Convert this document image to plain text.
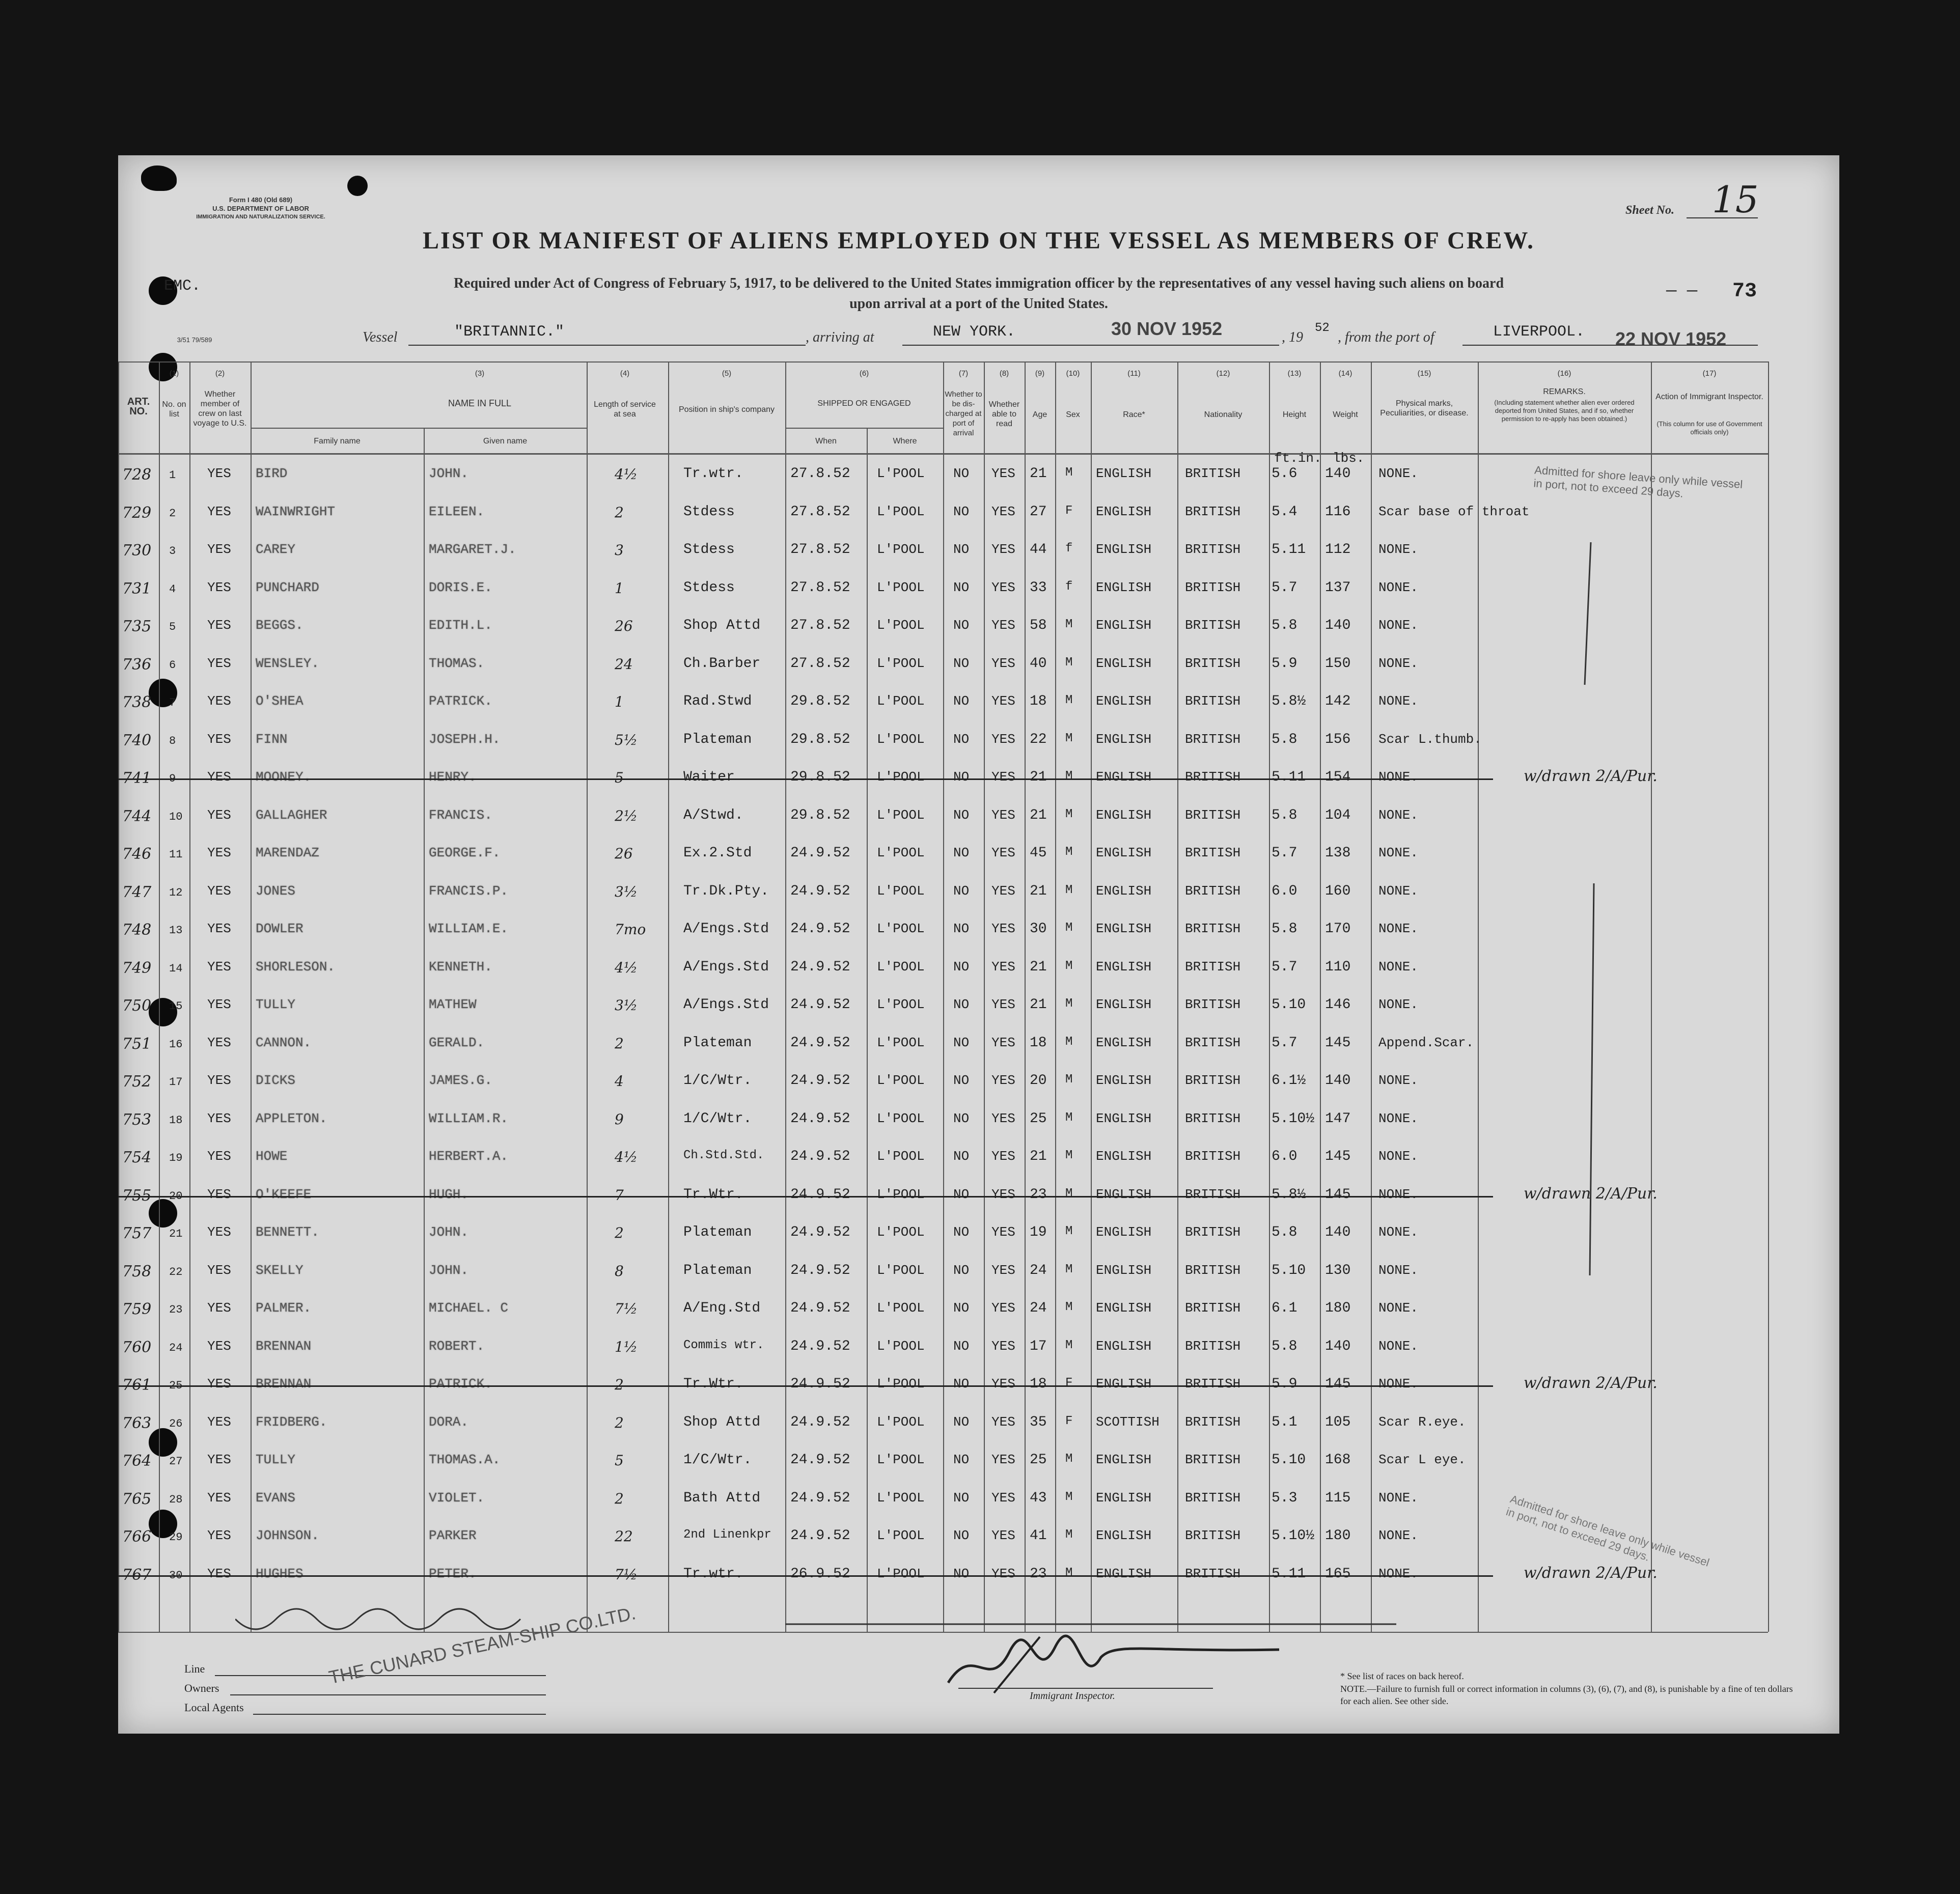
Form I 480 (Old 689)
U.S. DEPARTMENT OF LABOR
IMMIGRATION AND NATURALIZATION SERVICE.
EMC.
3/51 79/589
Sheet No. 15
73
— —
LIST OR MANIFEST OF ALIENS EMPLOYED ON THE VESSEL AS MEMBERS OF CREW.
Required under Act of Congress of February 5, 1917, to be delivered to the United States immigration officer by the representatives of any vessel having such aliens on board
upon arrival at a port of the United States.
Vessel	"BRITANNIC."	, arriving at	NEW YORK.	30 NOV 1952	, 19
52
, from the port of	LIVERPOOL. 22 NOV 1952
ART. NO.
(1)
No. on list
(2)
Whether member of crew on last voyage to U.S.
(3)
NAME IN FULL
Family name	Given name
(4)
Length of service at sea
(5)
Position in ship's company
(6)
SHIPPED OR ENGAGED
When	Where
(7)
Whether to be dis-charged at port of arrival
(8)
Whether able to read
(9)
Age
(10)
Sex
(11)
Race*
(12)
Nationality
(13)
Height
(14)
Weight
ft.in. lbs.
(15)
Physical marks, Peculiarities, or disease.
(16)
REMARKS.
(Including statement whether alien ever ordered deported from United States, and if so, whether permission to re-apply has been obtained.)
(17)
Action of Immigrant Inspector.
(This column for use of Government officials only)
728 1 YES BIRD	JOHN.	4½	Tr.wtr.	27.8.52 L'POOL NO YES 21 M ENGLISH	BRITISH 5.6 140 NONE.
729 2 YES WAINWRIGHT	EILEEN.	2	Stdess	27.8.52 L'POOL NO YES 27 F ENGLISH	BRITISH 5.4 116 Scar base of throat
730 3 YES CAREY	MARGARET.J.	3	Stdess	27.8.52 L'POOL NO YES 44 f ENGLISH	BRITISH 5.11 112 NONE.
731 4 YES PUNCHARD	DORIS.E.	1	Stdess	27.8.52 L'POOL NO YES 33 f ENGLISH	BRITISH 5.7 137 NONE.
735 5 YES BEGGS.	EDITH.L.	26	Shop Attd 27.8.52 L'POOL NO YES 58 M ENGLISH	BRITISH 5.8 140 NONE.
736 6 YES WENSLEY.	THOMAS.	24	Ch.Barber 27.8.52 L'POOL NO YES 40 M ENGLISH	BRITISH 5.9 150 NONE.
738 7 YES O'SHEA	PATRICK.	1	Rad.Stwd	29.8.52 L'POOL NO YES 18 M ENGLISH	BRITISH 5.8½ 142 NONE.
740 8 YES FINN	JOSEPH.H.	5½	Plateman	29.8.52 L'POOL NO YES 22 M ENGLISH	BRITISH 5.8 156 Scar L.thumb.
741 9 YES MOONEY.	HENRY.	5	Waiter	29.8.52 L'POOL NO YES 21 M ENGLISH	BRITISH 5.11 154 NONE.	w/drawn 2/A/Pur.
744 10 YES GALLAGHER	FRANCIS.	2½	A/Stwd.	29.8.52 L'POOL NO YES 21 M ENGLISH	BRITISH 5.8 104 NONE.
746 11 YES MARENDAZ	GEORGE.F.	26	Ex.2.Std	24.9.52 L'POOL NO YES 45 M ENGLISH	BRITISH 5.7 138 NONE.
747 12 YES JONES	FRANCIS.P.	3½	Tr.Dk.Pty. 24.9.52 L'POOL NO YES 21 M ENGLISH	BRITISH 6.0 160 NONE.
748 13 YES DOWLER	WILLIAM.E.	7mo	A/Engs.Std 24.9.52 L'POOL NO YES 30 M ENGLISH	BRITISH 5.8 170 NONE.
749 14 YES SHORLESON.	KENNETH.	4½	A/Engs.Std 24.9.52 L'POOL NO YES 21 M ENGLISH	BRITISH 5.7 110 NONE.
750 15 YES TULLY	MATHEW	3½	A/Engs.Std 24.9.52 L'POOL NO YES 21 M ENGLISH	BRITISH 5.10 146 NONE.
751 16 YES CANNON.	GERALD.	2	Plateman	24.9.52 L'POOL NO YES 18 M ENGLISH	BRITISH 5.7 145 Append.Scar.
752 17 YES DICKS	JAMES.G.	4	1/C/Wtr.	24.9.52 L'POOL NO YES 20 M ENGLISH	BRITISH 6.1½ 140 NONE.
753 18 YES APPLETON.	WILLIAM.R.	9	1/C/Wtr.	24.9.52 L'POOL NO YES 25 M ENGLISH	BRITISH 5.10½ 147 NONE.
754 19 YES HOWE	HERBERT.A.	4½	Ch.Std.Std. 24.9.52 L'POOL NO YES 21 M ENGLISH	BRITISH 6.0 145 NONE.
755 20 YES O'KEEFE	HUGH.	7	Tr.Wtr.	24.9.52 L'POOL NO YES 23 M ENGLISH	BRITISH 5.8½ 145 NONE.	w/drawn 2/A/Pur.
757 21 YES BENNETT.	JOHN.	2	Plateman	24.9.52 L'POOL NO YES 19 M ENGLISH	BRITISH 5.8 140 NONE.
758 22 YES SKELLY	JOHN.	8	Plateman	24.9.52 L'POOL NO YES 24 M ENGLISH	BRITISH 5.10 130 NONE.
759 23 YES PALMER.	MICHAEL. C	7½	A/Eng.Std 24.9.52 L'POOL NO YES 24 M ENGLISH	BRITISH 6.1 180 NONE.
760 24 YES BRENNAN	ROBERT.	1½	Commis wtr. 24.9.52 L'POOL NO YES 17 M ENGLISH	BRITISH 5.8 140 NONE.
761 25 YES BRENNAN	PATRICK.	2	Tr.Wtr.	24.9.52 L'POOL NO YES 18 F ENGLISH	BRITISH 5.9 145 NONE.	w/drawn 2/A/Pur.
763 26 YES FRIDBERG.	DORA.	2	Shop Attd 24.9.52 L'POOL NO YES 35 F SCOTTISH BRITISH 5.1 105 Scar R.eye.
764 27 YES TULLY	THOMAS.A.	5	1/C/Wtr.	24.9.52 L'POOL NO YES 25 M ENGLISH	BRITISH 5.10 168 Scar L eye.
765 28 YES EVANS	VIOLET.	2	Bath Attd 24.9.52 L'POOL NO YES 43 M ENGLISH	BRITISH 5.3 115 NONE.
766 29 YES JOHNSON.	PARKER	22	2nd Linenkpr 24.9.52 L'POOL NO YES 41 M ENGLISH	BRITISH 5.10½ 180 NONE.
767 30 YES HUGHES	PETER.	7½	Tr.wtr.	26.9.52 L'POOL NO YES 23 M ENGLISH	BRITISH 5.11 165 NONE.	w/drawn 2/A/Pur.
Admitted for shore leave only while vessel in port, not to exceed 29 days.
Admitted for shore leave only while vessel in port, not to exceed 29 days.
Line
Owners
Local Agents
THE CUNARD STEAM-SHIP CO.LTD.
Immigrant Inspector.
* See list of races on back hereof.
NOTE.—Failure to furnish full or correct information in columns (3), (6), (7), and (8), is punishable by a fine of ten dollars for each alien. See other side.
